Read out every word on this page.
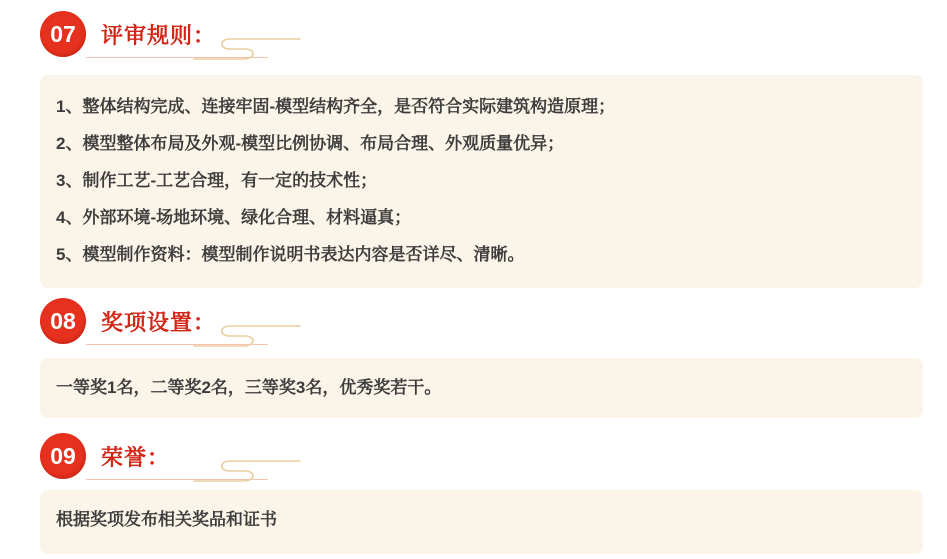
07	评审规则：

1、整体结构完成、连接牢固-模型结构齐全，是否符合实际建筑构造原理；

2、模型整体布局及外观-模型比例协调、布局合理、外观质量优异；

3、制作工艺-工艺合理，有一定的技术性；

4、外部环境-场地环境、绿化合理、材料逼真；

5、模型制作资料：模型制作说明书表达内容是否详尽、清晰。

08	奖项设置：

一等奖1名，二等奖2名，三等奖3名，优秀奖若干。

09	荣誉：

根据奖项发布相关奖品和证书
